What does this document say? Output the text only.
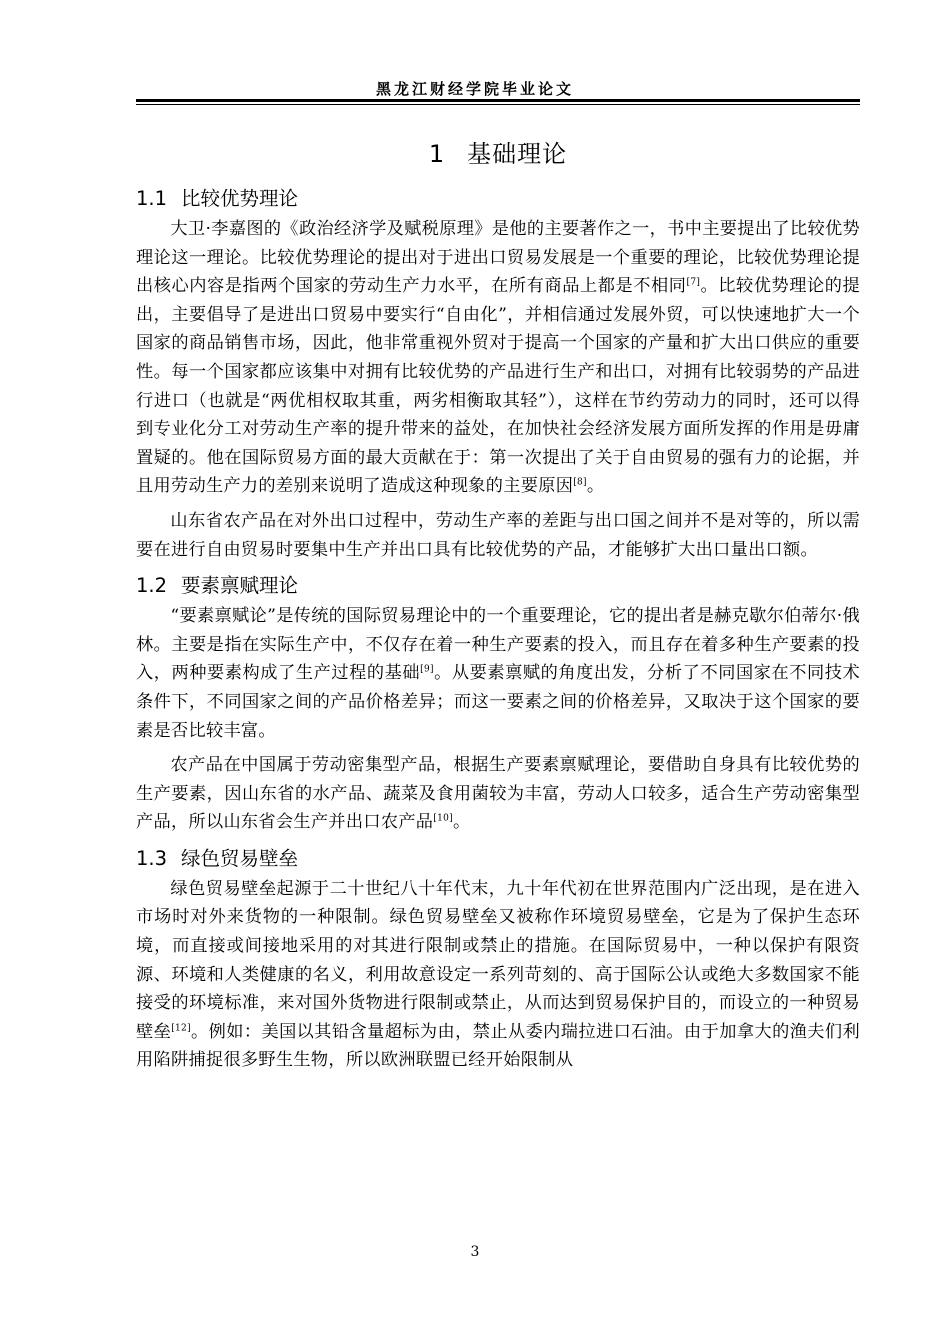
黑龙江财经学院毕业论文
1 基础理论
1.1 比较优势理论

大卫·李嘉图的《政治经济学及赋税原理》是他的主要著作之一，书中主要提出了比较优势理论这一理论。比较优势理论的提出对于进出口贸易发展是一个重要的理论，比较优势理论提出核心内容是指两个国家的劳动生产力水平，在所有商品上都是不相同[7]。比较优势理论的提出，主要倡导了是进出口贸易中要实行“自由化”，并相信通过发展外贸，可以快速地扩大一个国家的商品销售市场，因此，他非常重视外贸对于提高一个国家的产量和扩大出口供应的重要性。每一个国家都应该集中对拥有比较优势的产品进行生产和出口，对拥有比较弱势的产品进行进口（也就是“两优相权取其重，两劣相衡取其轻”），这样在节约劳动力的同时，还可以得到专业化分工对劳动生产率的提升带来的益处，在加快社会经济发展方面所发挥的作用是毋庸置疑的。他在国际贸易方面的最大贡献在于：第一次提出了关于自由贸易的强有力的论据，并且用劳动生产力的差别来说明了造成这种现象的主要原因[8]。

山东省农产品在对外出口过程中，劳动生产率的差距与出口国之间并不是对等的，所以需要在进行自由贸易时要集中生产并出口具有比较优势的产品，才能够扩大出口量出口额。

1.2 要素禀赋理论

“要素禀赋论”是传统的国际贸易理论中的一个重要理论，它的提出者是赫克歇尔伯蒂尔·俄林。主要是指在实际生产中，不仅存在着一种生产要素的投入，而且存在着多种生产要素的投入，两种要素构成了生产过程的基础[9]。从要素禀赋的角度出发，分析了不同国家在不同技术条件下，不同国家之间的产品价格差异；而这一要素之间的价格差异，又取决于这个国家的要素是否比较丰富。

农产品在中国属于劳动密集型产品，根据生产要素禀赋理论，要借助自身具有比较优势的生产要素，因山东省的水产品、蔬菜及食用菌较为丰富，劳动人口较多，适合生产劳动密集型产品，所以山东省会生产并出口农产品[10]。

1.3 绿色贸易壁垒

绿色贸易壁垒起源于二十世纪八十年代末，九十年代初在世界范围内广泛出现，是在进入市场时对外来货物的一种限制。绿色贸易壁垒又被称作环境贸易壁垒，它是为了保护生态环境，而直接或间接地采用的对其进行限制或禁止的措施。在国际贸易中，一种以保护有限资源、环境和人类健康的名义，利用故意设定一系列苛刻的、高于国际公认或绝大多数国家不能接受的环境标准，来对国外货物进行限制或禁止，从而达到贸易保护目的，而设立的一种贸易壁垒[12]。例如：美国以其铅含量超标为由，禁止从委内瑞拉进口石油。由于加拿大的渔夫们利用陷阱捕捉很多野生生物，所以欧洲联盟已经开始限制从

3
